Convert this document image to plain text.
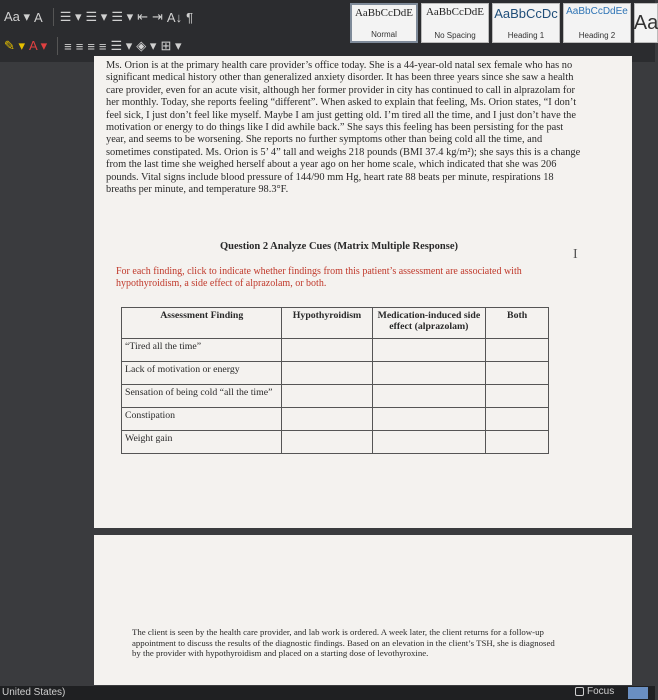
Aa ▾ A ☰ ▾ ☰ ▾ ☰ ▾ ⇤ ⇥ A↓ ¶
✎ ▾ A ▾ ≡ ≡ ≡ ≡ ☰ ▾ ◈ ▾ ⊞ ▾
AaBbCcDdE
Normal
AaBbCcDdE
No Spacing
AaBbCcDc
Heading 1
AaBbCcDdEe
Heading 2
Aa

Ms. Orion is at the primary health care provider’s office today. She is a 44-year-old natal sex female who has no significant medical history other than generalized anxiety disorder. It has been three years since she saw a health care provider, even for an acute visit, although her former provider in city has continued to call in alprazolam for her monthly. Today, she reports feeling “different”. When asked to explain that feeling, Ms. Orion states, “I don’t feel sick, I just don’t feel like myself. Maybe I am just getting old. I’m tired all the time, and I just don’t have the motivation or energy to do things like I did awhile back.” She says this feeling has been persisting for the past year, and seems to be worsening. She reports no further symptoms other than being cold all the time, and sometimes constipated. Ms. Orion is 5’ 4” tall and weighs 218 pounds (BMI 37.4 kg/m²); she says this is a change from the last time she weighed herself about a year ago on her home scale, which indicated that she was 206 pounds. Vital signs include blood pressure of 144/90 mm Hg, heart rate 88 beats per minute, respirations 18 breaths per minute, and temperature 98.3°F.

Question 2 Analyze Cues (Matrix Multiple Response)

I

For each finding, click to indicate whether findings from this patient’s assessment are associated with hypothyroidism, a side effect of alprazolam, or both.

Assessment Finding	Hypothyroidism	Medication-induced side effect (alprazolam)	Both
“Tired all the time”			
Lack of motivation or energy			
Sensation of being cold “all the time”			
Constipation			
Weight gain			

The client is seen by the health care provider, and lab work is ordered. A week later, the client returns for a follow-up appointment to discuss the results of the diagnostic findings. Based on an elevation in the client’s TSH, she is diagnosed by the provider with hypothyroidism and placed on a starting dose of levothyroxine.

United States)	Focus
